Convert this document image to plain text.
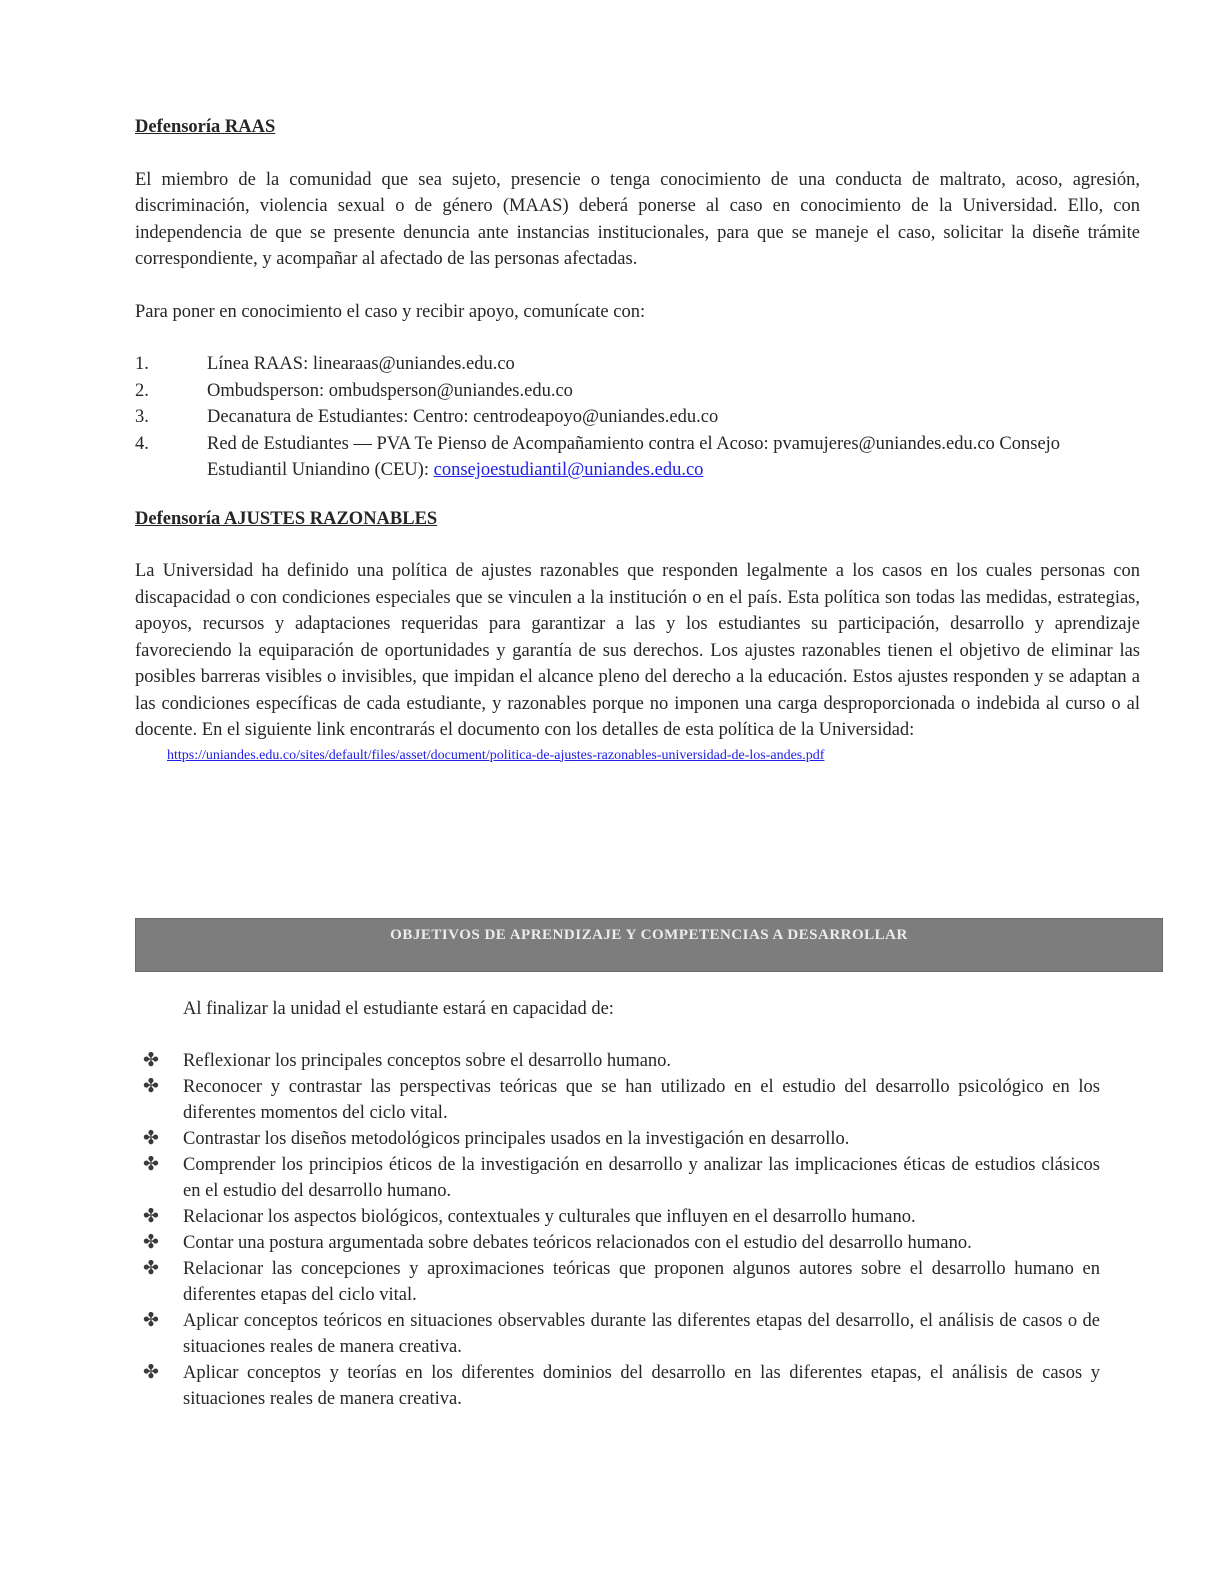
Defensoría RAAS

El miembro de la comunidad que sea sujeto, presencie o tenga conocimiento de una conducta de maltrato, acoso, agresión, discriminación, violencia sexual o de género (MAAS) deberá ponerse al caso en conocimiento de la Universidad. Ello, con independencia de que se presente denuncia ante instancias institucionales, para que se maneje el caso, solicitar la diseñe trámite correspondiente, y acompañar al afectado de las personas afectadas.

Para poner en conocimiento el caso y recibir apoyo, comunícate con:

1.	Línea RAAS: linearaas@uniandes.edu.co
2.	Ombudsperson: ombudsperson@uniandes.edu.co
3.	Decanatura de Estudiantes: Centro: centrodeapoyo@uniandes.edu.co
4.	Red de Estudiantes — PVA Te Pienso de Acompañamiento contra el Acoso: pvamujeres@uniandes.edu.co Consejo Estudiantil Uniandino (CEU): consejoestudiantil@uniandes.edu.co

Defensoría AJUSTES RAZONABLES

La Universidad ha definido una política de ajustes razonables que responden legalmente a los casos en los cuales personas con discapacidad o con condiciones especiales que se vinculen a la institución o en el país. Esta política son todas las medidas, estrategias, apoyos, recursos y adaptaciones requeridas para garantizar a las y los estudiantes su participación, desarrollo y aprendizaje favoreciendo la equiparación de oportunidades y garantía de sus derechos. Los ajustes razonables tienen el objetivo de eliminar las posibles barreras visibles o invisibles, que impidan el alcance pleno del derecho a la educación. Estos ajustes responden y se adaptan a las condiciones específicas de cada estudiante, y razonables porque no imponen una carga desproporcionada o indebida al curso o al docente. En el siguiente link encontrarás el documento con los detalles de esta política de la Universidad:

https://uniandes.edu.co/sites/default/files/asset/document/politica-de-ajustes-razonables-universidad-de-los-andes.pdf
OBJETIVOS DE APRENDIZAJE Y COMPETENCIAS A DESARROLLAR

Al finalizar la unidad el estudiante estará en capacidad de:

✤ Reflexionar los principales conceptos sobre el desarrollo humano.
✤ Reconocer y contrastar las perspectivas teóricas que se han utilizado en el estudio del desarrollo psicológico en los diferentes momentos del ciclo vital.
✤ Contrastar los diseños metodológicos principales usados en la investigación en desarrollo.
✤ Comprender los principios éticos de la investigación en desarrollo y analizar las implicaciones éticas de estudios clásicos en el estudio del desarrollo humano.
✤ Relacionar los aspectos biológicos, contextuales y culturales que influyen en el desarrollo humano.
✤ Contar una postura argumentada sobre debates teóricos relacionados con el estudio del desarrollo humano.
✤ Relacionar las concepciones y aproximaciones teóricas que proponen algunos autores sobre el desarrollo humano en diferentes etapas del ciclo vital.
✤ Aplicar conceptos teóricos en situaciones observables durante las diferentes etapas del desarrollo, el análisis de casos o de situaciones reales de manera creativa.
✤ Aplicar conceptos y teorías en los diferentes dominios del desarrollo en las diferentes etapas, el análisis de casos y situaciones reales de manera creativa.
